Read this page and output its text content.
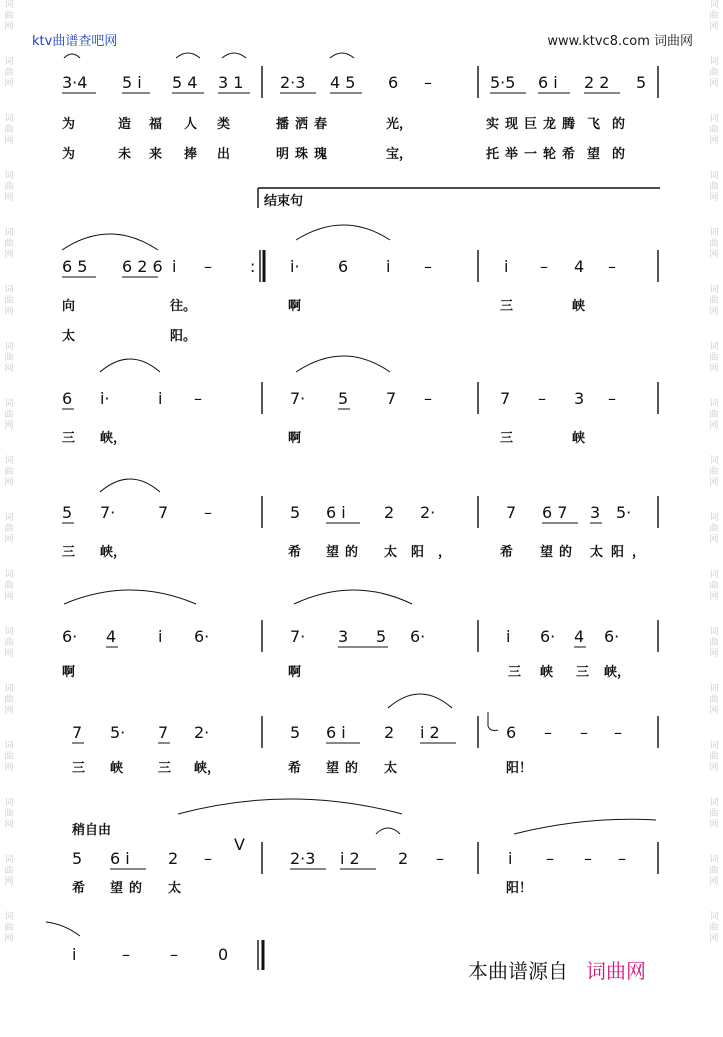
词曲网
词曲网
词曲网
词曲网
词曲网
词曲网
词曲网
词曲网
词曲网
词曲网
词曲网
词曲网
词曲网
词曲网
词曲网
词曲网
词曲网
词曲网
词曲网
词曲网
词曲网
词曲网
词曲网
词曲网
词曲网
词曲网
词曲网
词曲网
词曲网
词曲网
词曲网
词曲网
词曲网
词曲网
ktv曲谱查吧网	www.ktvc8.com 词曲网
3·4 5 i 5 4 3 1 2·3 4 5 6 –	5·5 6 i 2 2 5
为	造福 人类 播洒春	光，	实现 巨龙 腾飞的
为	未来 捧出 明珠瑰	宝，	托举 一轮 希望的
结束句
6 5 6 2 6 i – : i· 6 i –	i – 4 –
向	往。	啊	三	峡
太	阳。
6 i·	i –	7· 5 7 –	7 – 3 –
三 峡，	啊	三	峡
5 7·	7 –	5 6 i 2 2·	7 6 7 3 5·
三 峡，	希 望的 太阳，	希 望的 太阳，
6· 4	i 6·	7· 3 5 6·	i 6· 4 6·
啊	啊	三 峡 三 峡，
7 5· 7 2·	5 6 i 2 i 2	6 – – –
三 峡	三 峡，	希 望的 太	阳！
稍自由
5 6 i 2 –
V
2·3 i 2 2 –	i – – –
希 望的 太	阳！
i	–	–	0
本曲谱源自 词曲网
